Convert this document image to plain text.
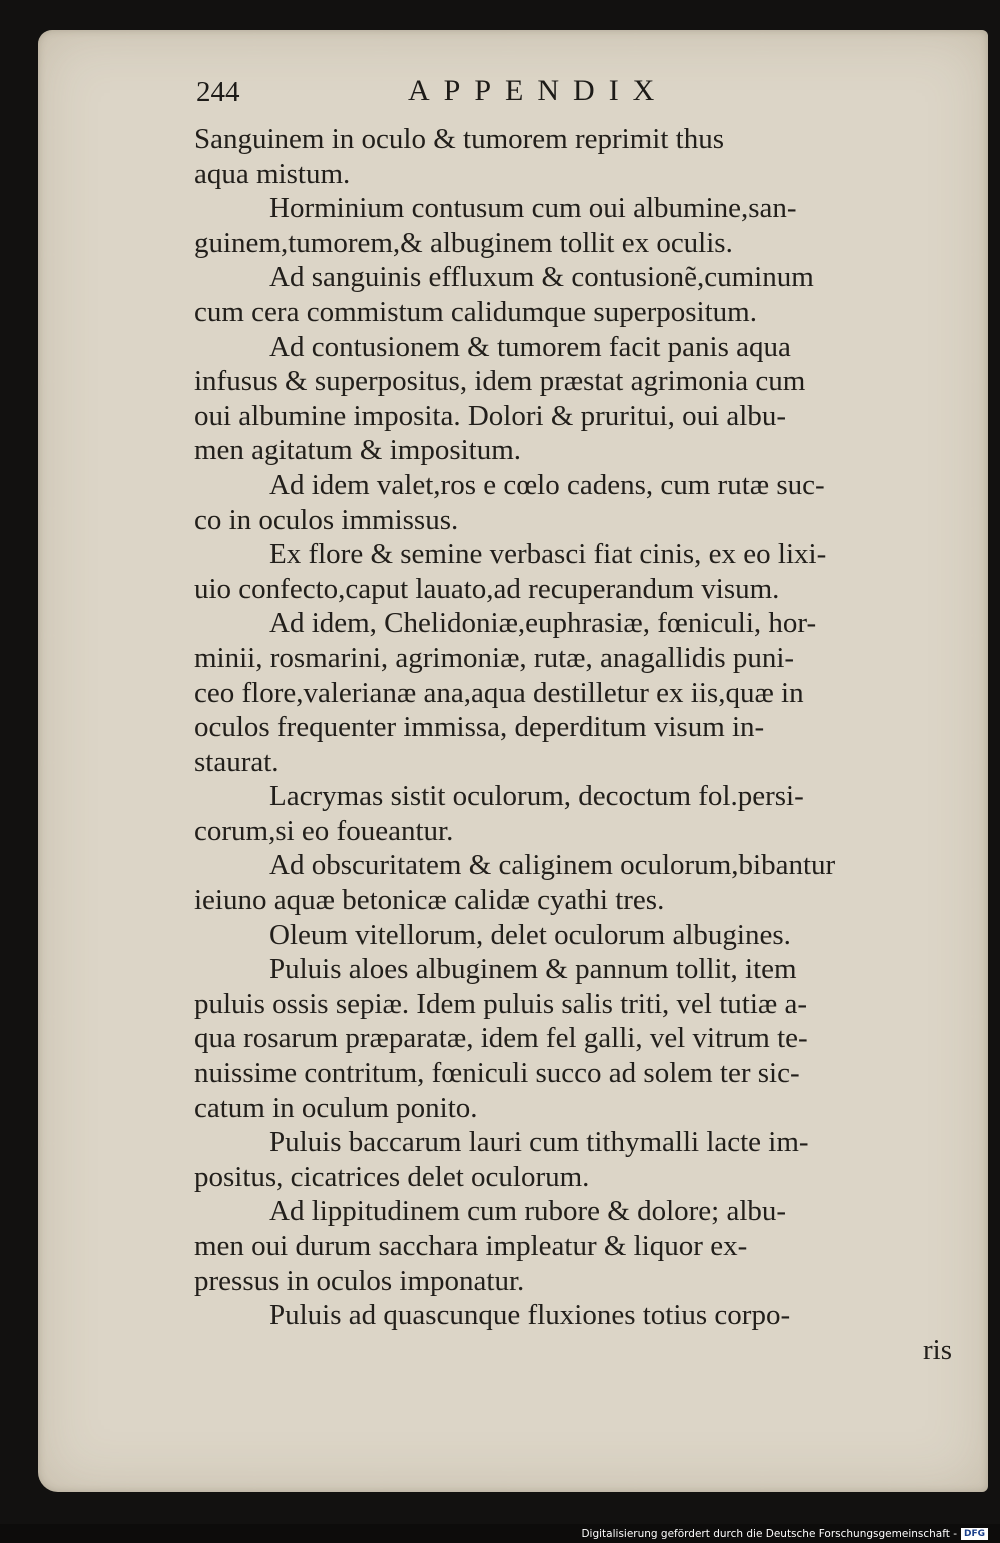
244	APPENDIX
Sanguinem in oculo & tumorem reprimit thus
aqua mistum.
Horminium contusum cum oui albumine,san-
guinem,tumorem,& albuginem tollit ex oculis.
Ad sanguinis effluxum & contusionẽ,cuminum
cum cera commistum calidumque superpositum.
Ad contusionem & tumorem facit panis aqua
infusus & superpositus, idem præstat agrimonia cum
oui albumine imposita. Dolori & pruritui, oui albu-
men agitatum & impositum.
Ad idem valet,ros e cœlo cadens, cum rutæ suc-
co in oculos immissus.
Ex flore & semine verbasci fiat cinis, ex eo lixi-
uio confecto,caput lauato,ad recuperandum visum.
Ad idem, Chelidoniæ,euphrasiæ, fœniculi, hor-
minii, rosmarini, agrimoniæ, rutæ, anagallidis puni-
ceo flore,valerianæ ana,aqua destilletur ex iis,quæ in
oculos frequenter immissa, deperditum visum in-
staurat.
Lacrymas sistit oculorum, decoctum fol.persi-
corum,si eo foueantur.
Ad obscuritatem & caliginem oculorum,bibantur
ieiuno aquæ betonicæ calidæ cyathi tres.
Oleum vitellorum, delet oculorum albugines.
Puluis aloes albuginem & pannum tollit, item
puluis ossis sepiæ. Idem puluis salis triti, vel tutiæ a-
qua rosarum præparatæ, idem fel galli, vel vitrum te-
nuissime contritum, fœniculi succo ad solem ter sic-
catum in oculum ponito.
Puluis baccarum lauri cum tithymalli lacte im-
positus, cicatrices delet oculorum.
Ad lippitudinem cum rubore & dolore; albu-
men oui durum sacchara impleatur & liquor ex-
pressus in oculos imponatur.
Puluis ad quascunque fluxiones totius corpo-
ris
Digitalisierung gefördert durch die Deutsche Forschungsgemeinschaft - DFG
